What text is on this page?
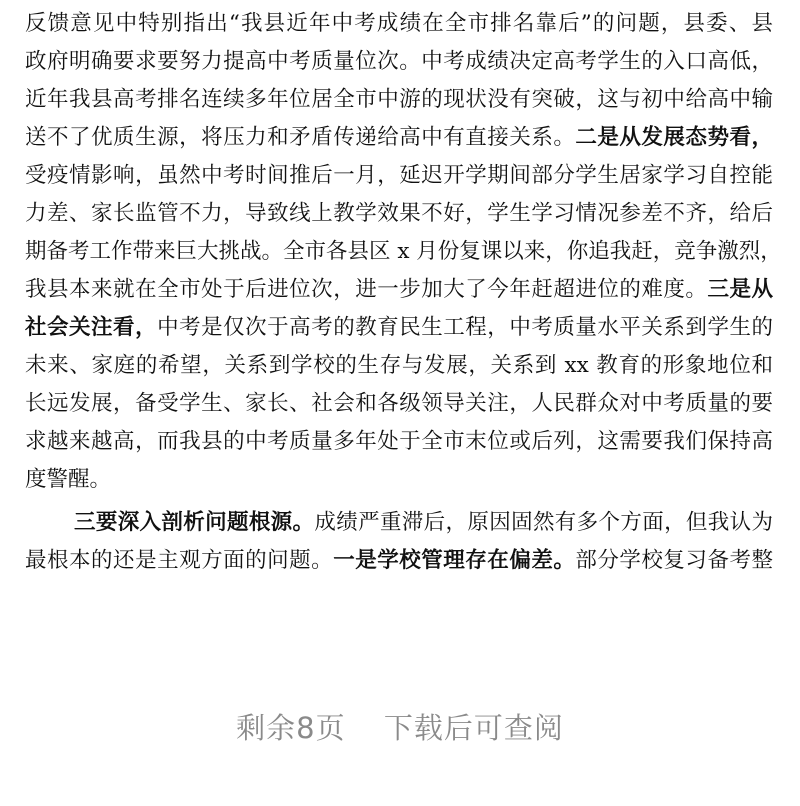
反馈意见中特别指出“我县近年中考成绩在全市排名靠后”的问题，县委、县
政府明确要求要努力提高中考质量位次。中考成绩决定高考学生的入口高低，
近年我县高考排名连续多年位居全市中游的现状没有突破，这与初中给高中输
送不了优质生源，将压力和矛盾传递给高中有直接关系。二是从发展态势看，
受疫情影响，虽然中考时间推后一月，延迟开学期间部分学生居家学习自控能
力差、家长监管不力，导致线上教学效果不好，学生学习情况参差不齐，给后
期备考工作带来巨大挑战。全市各县区 x 月份复课以来，你追我赶，竞争激烈，
我县本来就在全市处于后进位次，进一步加大了今年赶超进位的难度。三是从
社会关注看，中考是仅次于高考的教育民生工程，中考质量水平关系到学生的
未来、家庭的希望，关系到学校的生存与发展，关系到 xx 教育的形象地位和
长远发展，备受学生、家长、社会和各级领导关注，人民群众对中考质量的要
求越来越高，而我县的中考质量多年处于全市末位或后列，这需要我们保持高
度警醒。
三要深入剖析问题根源。成绩严重滞后，原因固然有多个方面，但我认为
最根本的还是主观方面的问题。一是学校管理存在偏差。部分学校复习备考整
剩余8页 下载后可查阅
